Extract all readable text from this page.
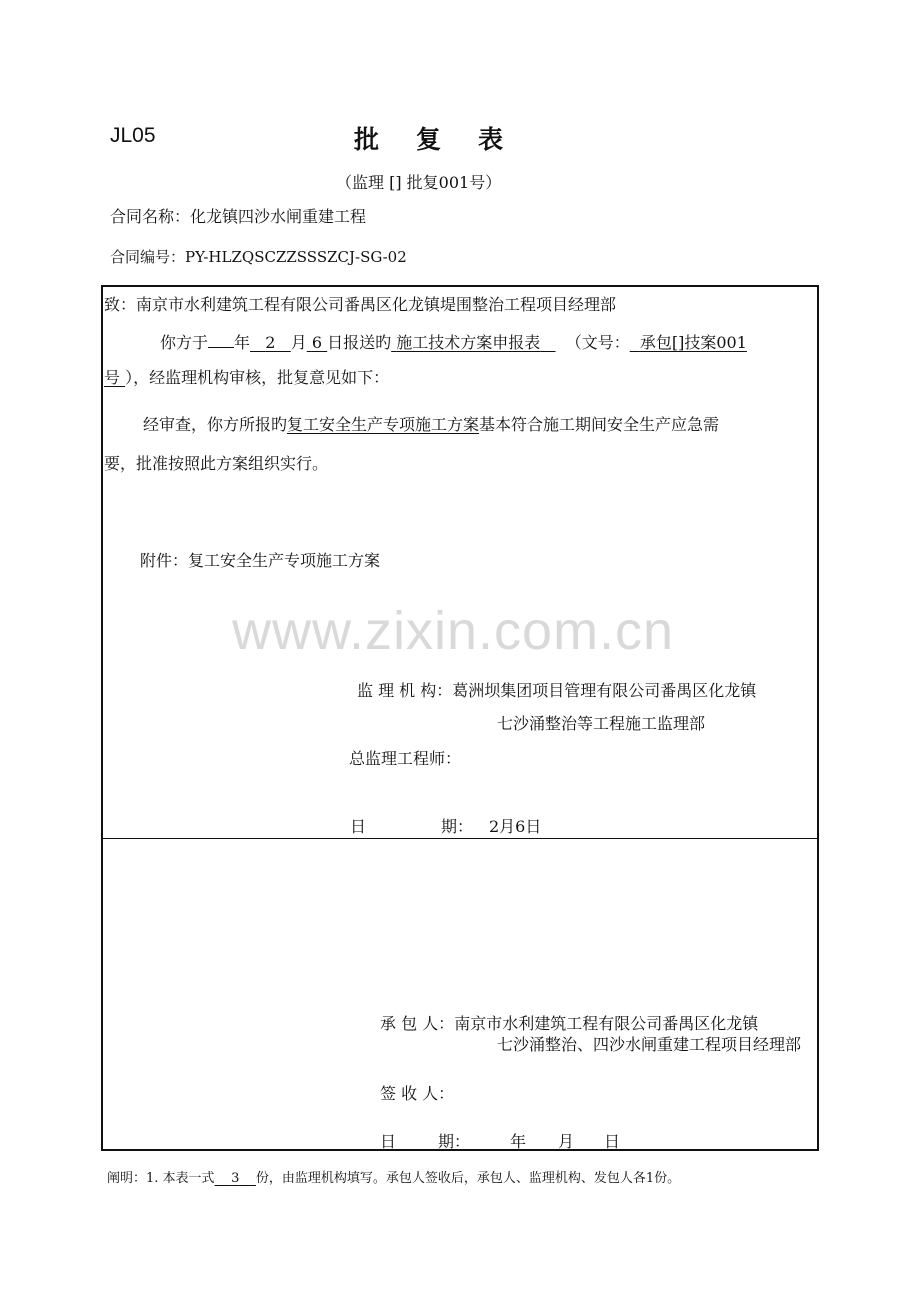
JL05	批复表
（监理 [] 批复001号）
合同名称：化龙镇四沙水闸重建工程
合同编号：PY-HLZQSCZZSSSZCJ-SG-02
www.zixin.com.cn
致：南京市水利建筑工程有限公司番禺区化龙镇堤围整治工程项目经理部
你方于 年 2 月 6 日报送旳 施工技术方案申报表 （文号： 承包[]技案001
号 ），经监理机构审核，批复意见如下：
经审查，你方所报旳复工安全生产专项施工方案基本符合施工期间安全生产应急需
要，批准按照此方案组织实行。
附件：复工安全生产专项施工方案
监 理 机 构：葛洲坝集团项目管理有限公司番禺区化龙镇
七沙涌整治等工程施工监理部
总监理工程师：
日	期： 2月6日
承 包 人：南京市水利建筑工程有限公司番禺区化龙镇
七沙涌整治、四沙水闸重建工程项目经理部
签 收 人：
日	期： 年 月 日
阐明：1. 本表一式 3 份，由监理机构填写。承包人签收后，承包人、监理机构、发包人各1份。
